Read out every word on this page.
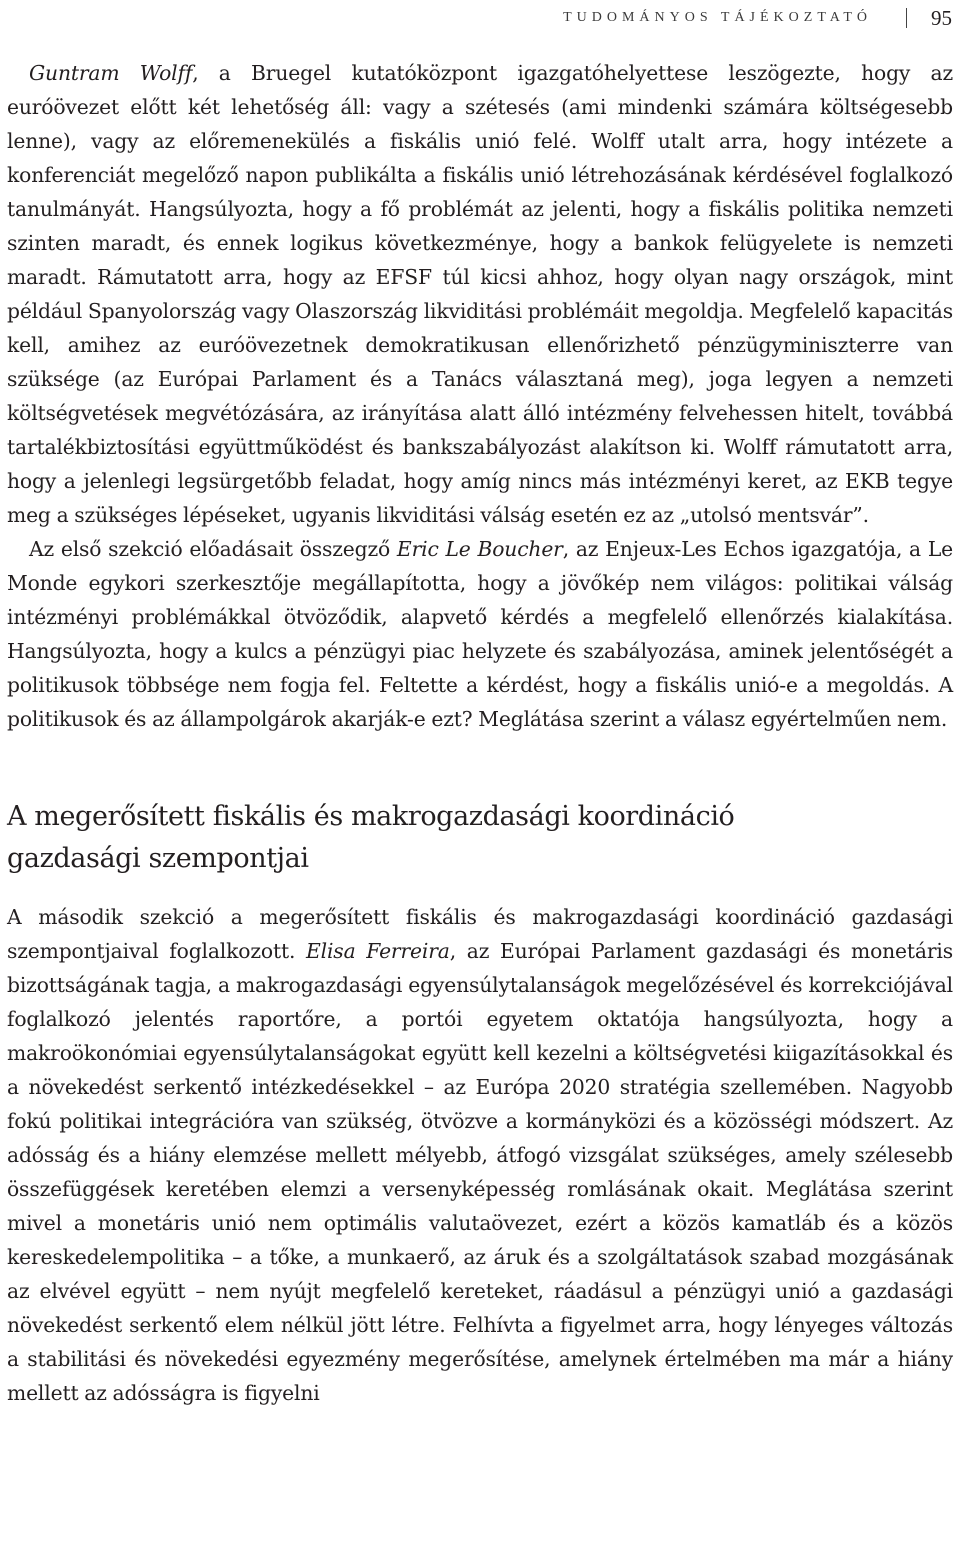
TUDOMÁNYOS TÁJÉKOZTATÓ	95

Guntram Wolff, a Bruegel kutatóközpont igazgatóhelyettese leszögezte, hogy az euróövezet előtt két lehetőség áll: vagy a szétesés (ami mindenki számára költségesebb lenne), vagy az előremenekülés a fiskális unió felé. Wolff utalt arra, hogy intézete a konferenciát megelőző napon publikálta a fiskális unió létrehozásának kérdésével foglalkozó tanulmányát. Hangsúlyozta, hogy a fő problémát az jelenti, hogy a fiskális politika nemzeti szinten maradt, és ennek logikus következménye, hogy a bankok felügyelete is nemzeti maradt. Rámutatott arra, hogy az EFSF túl kicsi ahhoz, hogy olyan nagy országok, mint például Spanyolország vagy Olaszország likviditási problémáit megoldja. Megfelelő kapacitás kell, amihez az euróövezetnek demokratikusan ellenőrizhető pénzügyminiszterre van szüksége (az Európai Parlament és a Tanács választaná meg), joga legyen a nemzeti költségvetések megvétózására, az irányítása alatt álló intézmény felvehessen hitelt, továbbá tartalékbiztosítási együttműködést és bankszabályozást alakítson ki. Wolff rámutatott arra, hogy a jelenlegi legsürgetőbb feladat, hogy amíg nincs más intézményi keret, az EKB tegye meg a szükséges lépéseket, ugyanis likviditási válság esetén ez az „utolsó mentsvár”.

Az első szekció előadásait összegző Eric Le Boucher, az Enjeux-Les Echos igazgatója, a Le Monde egykori szerkesztője megállapította, hogy a jövőkép nem világos: politikai válság intézményi problémákkal ötvöződik, alapvető kérdés a megfelelő ellenőrzés kialakítása. Hangsúlyozta, hogy a kulcs a pénzügyi piac helyzete és szabályozása, aminek jelentőségét a politikusok többsége nem fogja fel. Feltette a kérdést, hogy a fiskális unió-e a megoldás. A politikusok és az állampolgárok akarják-e ezt? Meglátása szerint a válasz egyértelműen nem.

A megerősített fiskális és makrogazdasági koordináció
gazdasági szempontjai

A második szekció a megerősített fiskális és makrogazdasági koordináció gazdasági szempontjaival foglalkozott. Elisa Ferreira, az Európai Parlament gazdasági és monetáris bizottságának tagja, a makrogazdasági egyensúlytalanságok megelőzésével és korrekciójával foglalkozó jelentés raportőre, a portói egyetem oktatója hangsúlyozta, hogy a makroökonómiai egyensúlytalanságokat együtt kell kezelni a költségvetési kiigazításokkal és a növekedést serkentő intézkedésekkel – az Európa 2020 stratégia szellemében. Nagyobb fokú politikai integrációra van szükség, ötvözve a kormányközi és a közösségi módszert. Az adósság és a hiány elemzése mellett mélyebb, átfogó vizsgálat szükséges, amely szélesebb összefüggések keretében elemzi a versenyképesség romlásának okait. Meglátása szerint mivel a monetáris unió nem optimális valutaövezet, ezért a közös kamatláb és a közös kereskedelempolitika – a tőke, a munkaerő, az áruk és a szolgáltatások szabad mozgásának az elvével együtt – nem nyújt megfelelő kereteket, ráadásul a pénzügyi unió a gazdasági növekedést serkentő elem nélkül jött létre. Felhívta a figyelmet arra, hogy lényeges változás a stabilitási és növekedési egyezmény megerősítése, amelynek értelmében ma már a hiány mellett az adósságra is figyelni
